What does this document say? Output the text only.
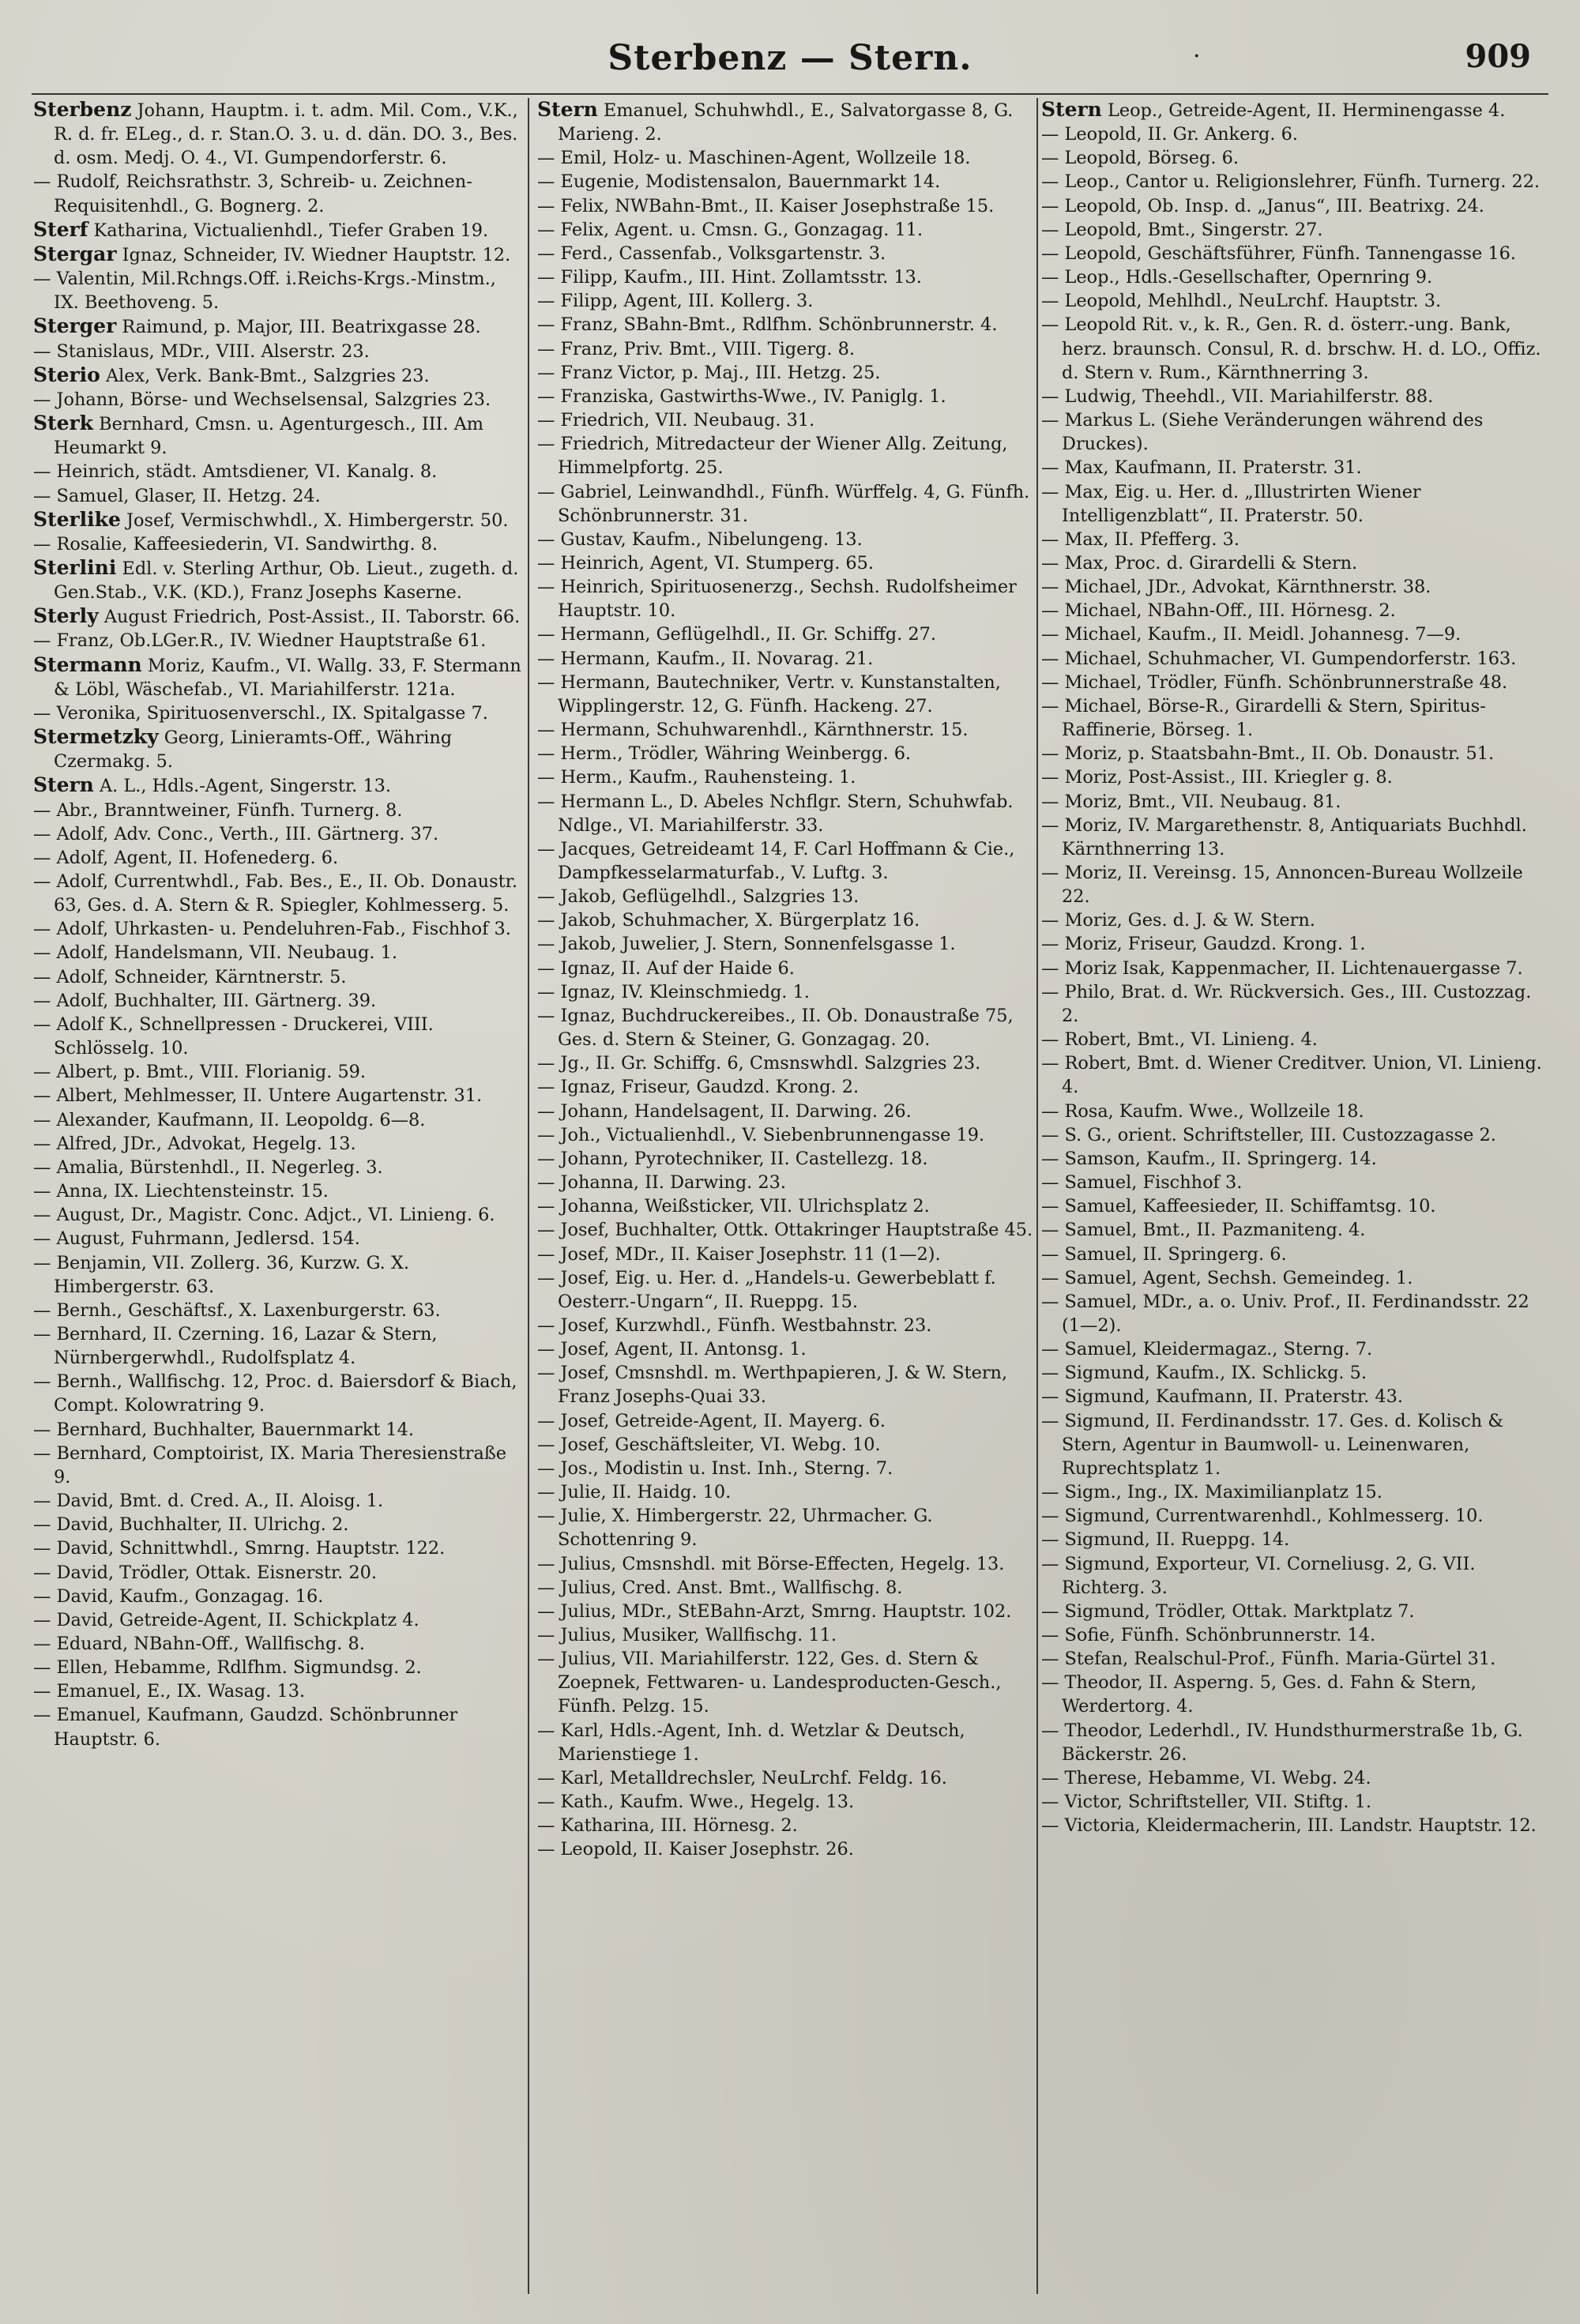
Sterbenz — Stern.	·	909

Sterbenz Johann, Hauptm. i. t. adm. Mil. Com., V.K., R. d. fr. ELeg., d. r. Stan.O. 3. u. d. dän. DO. 3., Bes. d. osm. Medj. O. 4., VI. Gumpendorferstr. 6.

— Rudolf, Reichsrathstr. 3, Schreib- u. Zeichnen-Requisitenhdl., G. Bognerg. 2.

Sterf Katharina, Victualienhdl., Tiefer Graben 19.

Stergar Ignaz, Schneider, IV. Wiedner Hauptstr. 12.

— Valentin, Mil.Rchngs.Off. i.Reichs-Krgs.-Minstm., IX. Beethoveng. 5.

Sterger Raimund, p. Major, III. Beatrixgasse 28.

— Stanislaus, MDr., VIII. Alserstr. 23.

Sterio Alex, Verk. Bank-Bmt., Salzgries 23.

— Johann, Börse- und Wechselsensal, Salzgries 23.

Sterk Bernhard, Cmsn. u. Agenturgesch., III. Am Heumarkt 9.

— Heinrich, städt. Amtsdiener, VI. Kanalg. 8.

— Samuel, Glaser, II. Hetzg. 24.

Sterlike Josef, Vermischwhdl., X. Himbergerstr. 50.

— Rosalie, Kaffeesiederin, VI. Sandwirthg. 8.

Sterlini Edl. v. Sterling Arthur, Ob. Lieut., zugeth. d. Gen.Stab., V.K. (KD.), Franz Josephs Kaserne.

Sterly August Friedrich, Post-Assist., II. Taborstr. 66.

— Franz, Ob.LGer.R., IV. Wiedner Hauptstraße 61.

Stermann Moriz, Kaufm., VI. Wallg. 33, F. Stermann & Löbl, Wäschefab., VI. Mariahilferstr. 121a.

— Veronika, Spirituosenverschl., IX. Spitalgasse 7.

Stermetzky Georg, Linieramts-Off., Währing Czermakg. 5.

Stern A. L., Hdls.-Agent, Singerstr. 13.

— Abr., Branntweiner, Fünfh. Turnerg. 8.

— Adolf, Adv. Conc., Verth., III. Gärtnerg. 37.

— Adolf, Agent, II. Hofenederg. 6.

— Adolf, Currentwhdl., Fab. Bes., E., II. Ob. Donaustr. 63, Ges. d. A. Stern & R. Spiegler, Kohlmesserg. 5.

— Adolf, Uhrkasten- u. Pendeluhren-Fab., Fischhof 3.

— Adolf, Handelsmann, VII. Neubaug. 1.

— Adolf, Schneider, Kärntnerstr. 5.

— Adolf, Buchhalter, III. Gärtnerg. 39.

— Adolf K., Schnellpressen - Druckerei, VIII. Schlösselg. 10.

— Albert, p. Bmt., VIII. Florianig. 59.

— Albert, Mehlmesser, II. Untere Augartenstr. 31.

— Alexander, Kaufmann, II. Leopoldg. 6—8.

— Alfred, JDr., Advokat, Hegelg. 13.

— Amalia, Bürstenhdl., II. Negerleg. 3.

— Anna, IX. Liechtensteinstr. 15.

— August, Dr., Magistr. Conc. Adjct., VI. Linieng. 6.

— August, Fuhrmann, Jedlersd. 154.

— Benjamin, VII. Zollerg. 36, Kurzw. G. X. Himbergerstr. 63.

— Bernh., Geschäftsf., X. Laxenburgerstr. 63.

— Bernhard, II. Czerning. 16, Lazar & Stern, Nürnbergerwhdl., Rudolfsplatz 4.

— Bernh., Wallfischg. 12, Proc. d. Baiersdorf & Biach, Compt. Kolowratring 9.

— Bernhard, Buchhalter, Bauernmarkt 14.

— Bernhard, Comptoirist, IX. Maria Theresienstraße 9.

— David, Bmt. d. Cred. A., II. Aloisg. 1.

— David, Buchhalter, II. Ulrichg. 2.

— David, Schnittwhdl., Smrng. Hauptstr. 122.

— David, Trödler, Ottak. Eisnerstr. 20.

— David, Kaufm., Gonzagag. 16.

— David, Getreide-Agent, II. Schickplatz 4.

— Eduard, NBahn-Off., Wallfischg. 8.

— Ellen, Hebamme, Rdlfhm. Sigmundsg. 2.

— Emanuel, E., IX. Wasag. 13.

— Emanuel, Kaufmann, Gaudzd. Schönbrunner Hauptstr. 6.

Stern Emanuel, Schuhwhdl., E., Salvatorgasse 8, G. Marieng. 2.

— Emil, Holz- u. Maschinen-Agent, Wollzeile 18.

— Eugenie, Modistensalon, Bauernmarkt 14.

— Felix, NWBahn-Bmt., II. Kaiser Josephstraße 15.

— Felix, Agent. u. Cmsn. G., Gonzagag. 11.

— Ferd., Cassenfab., Volksgartenstr. 3.

— Filipp, Kaufm., III. Hint. Zollamtsstr. 13.

— Filipp, Agent, III. Kollerg. 3.

— Franz, SBahn-Bmt., Rdlfhm. Schönbrunnerstr. 4.

— Franz, Priv. Bmt., VIII. Tigerg. 8.

— Franz Victor, p. Maj., III. Hetzg. 25.

— Franziska, Gastwirths-Wwe., IV. Paniglg. 1.

— Friedrich, VII. Neubaug. 31.

— Friedrich, Mitredacteur der Wiener Allg. Zeitung, Himmelpfortg. 25.

— Gabriel, Leinwandhdl., Fünfh. Würffelg. 4, G. Fünfh. Schönbrunnerstr. 31.

— Gustav, Kaufm., Nibelungeng. 13.

— Heinrich, Agent, VI. Stumperg. 65.

— Heinrich, Spirituosenerzg., Sechsh. Rudolfsheimer Hauptstr. 10.

— Hermann, Geflügelhdl., II. Gr. Schiffg. 27.

— Hermann, Kaufm., II. Novarag. 21.

— Hermann, Bautechniker, Vertr. v. Kunstanstalten, Wipplingerstr. 12, G. Fünfh. Hackeng. 27.

— Hermann, Schuhwarenhdl., Kärnthnerstr. 15.

— Herm., Trödler, Währing Weinbergg. 6.

— Herm., Kaufm., Rauhensteing. 1.

— Hermann L., D. Abeles Nchflgr. Stern, Schuhwfab. Ndlge., VI. Mariahilferstr. 33.

— Jacques, Getreideamt 14, F. Carl Hoffmann & Cie., Dampfkesselarmaturfab., V. Luftg. 3.

— Jakob, Geflügelhdl., Salzgries 13.

— Jakob, Schuhmacher, X. Bürgerplatz 16.

— Jakob, Juwelier, J. Stern, Sonnenfelsgasse 1.

— Ignaz, II. Auf der Haide 6.

— Ignaz, IV. Kleinschmiedg. 1.

— Ignaz, Buchdruckereibes., II. Ob. Donaustraße 75, Ges. d. Stern & Steiner, G. Gonzagag. 20.

— Jg., II. Gr. Schiffg. 6, Cmsnswhdl. Salzgries 23.

— Ignaz, Friseur, Gaudzd. Krong. 2.

— Johann, Handelsagent, II. Darwing. 26.

— Joh., Victualienhdl., V. Siebenbrunnengasse 19.

— Johann, Pyrotechniker, II. Castellezg. 18.

— Johanna, II. Darwing. 23.

— Johanna, Weißsticker, VII. Ulrichsplatz 2.

— Josef, Buchhalter, Ottk. Ottakringer Hauptstraße 45.

— Josef, MDr., II. Kaiser Josephstr. 11 (1—2).

— Josef, Eig. u. Her. d. „Handels-u. Gewerbeblatt f. Oesterr.-Ungarn“, II. Rueppg. 15.

— Josef, Kurzwhdl., Fünfh. Westbahnstr. 23.

— Josef, Agent, II. Antonsg. 1.

— Josef, Cmsnshdl. m. Werthpapieren, J. & W. Stern, Franz Josephs-Quai 33.

— Josef, Getreide-Agent, II. Mayerg. 6.

— Josef, Geschäftsleiter, VI. Webg. 10.

— Jos., Modistin u. Inst. Inh., Sterng. 7.

— Julie, II. Haidg. 10.

— Julie, X. Himbergerstr. 22, Uhrmacher. G. Schottenring 9.

— Julius, Cmsnshdl. mit Börse-Effecten, Hegelg. 13.

— Julius, Cred. Anst. Bmt., Wallfischg. 8.

— Julius, MDr., StEBahn-Arzt, Smrng. Hauptstr. 102.

— Julius, Musiker, Wallfischg. 11.

— Julius, VII. Mariahilferstr. 122, Ges. d. Stern & Zoepnek, Fettwaren- u. Landesproducten-Gesch., Fünfh. Pelzg. 15.

— Karl, Hdls.-Agent, Inh. d. Wetzlar & Deutsch, Marienstiege 1.

— Karl, Metalldrechsler, NeuLrchf. Feldg. 16.

— Kath., Kaufm. Wwe., Hegelg. 13.

— Katharina, III. Hörnesg. 2.

— Leopold, II. Kaiser Josephstr. 26.

Stern Leop., Getreide-Agent, II. Herminengasse 4.

— Leopold, II. Gr. Ankerg. 6.

— Leopold, Börseg. 6.

— Leop., Cantor u. Religionslehrer, Fünfh. Turnerg. 22.

— Leopold, Ob. Insp. d. „Janus“, III. Beatrixg. 24.

— Leopold, Bmt., Singerstr. 27.

— Leopold, Geschäftsführer, Fünfh. Tannengasse 16.

— Leop., Hdls.-Gesellschafter, Opernring 9.

— Leopold, Mehlhdl., NeuLrchf. Hauptstr. 3.

— Leopold Rit. v., k. R., Gen. R. d. österr.-ung. Bank, herz. braunsch. Consul, R. d. brschw. H. d. LO., Offiz. d. Stern v. Rum., Kärnthnerring 3.

— Ludwig, Theehdl., VII. Mariahilferstr. 88.

— Markus L. (Siehe Veränderungen während des Druckes).

— Max, Kaufmann, II. Praterstr. 31.

— Max, Eig. u. Her. d. „Illustrirten Wiener Intelligenzblatt“, II. Praterstr. 50.

— Max, II. Pfefferg. 3.

— Max, Proc. d. Girardelli & Stern.

— Michael, JDr., Advokat, Kärnthnerstr. 38.

— Michael, NBahn-Off., III. Hörnesg. 2.

— Michael, Kaufm., II. Meidl. Johannesg. 7—9.

— Michael, Schuhmacher, VI. Gumpendorferstr. 163.

— Michael, Trödler, Fünfh. Schönbrunnerstraße 48.

— Michael, Börse-R., Girardelli & Stern, Spiritus-Raffinerie, Börseg. 1.

— Moriz, p. Staatsbahn-Bmt., II. Ob. Donaustr. 51.

— Moriz, Post-Assist., III. Kriegler g. 8.

— Moriz, Bmt., VII. Neubaug. 81.

— Moriz, IV. Margarethenstr. 8, Antiquariats Buchhdl. Kärnthnerring 13.

— Moriz, II. Vereinsg. 15, Annoncen-Bureau Wollzeile 22.

— Moriz, Ges. d. J. & W. Stern.

— Moriz, Friseur, Gaudzd. Krong. 1.

— Moriz Isak, Kappenmacher, II. Lichtenauergasse 7.

— Philo, Brat. d. Wr. Rückversich. Ges., III. Custozzag. 2.

— Robert, Bmt., VI. Linieng. 4.

— Robert, Bmt. d. Wiener Creditver. Union, VI. Linieng. 4.

— Rosa, Kaufm. Wwe., Wollzeile 18.

— S. G., orient. Schriftsteller, III. Custozzagasse 2.

— Samson, Kaufm., II. Springerg. 14.

— Samuel, Fischhof 3.

— Samuel, Kaffeesieder, II. Schiffamtsg. 10.

— Samuel, Bmt., II. Pazmaniteng. 4.

— Samuel, II. Springerg. 6.

— Samuel, Agent, Sechsh. Gemeindeg. 1.

— Samuel, MDr., a. o. Univ. Prof., II. Ferdinandsstr. 22 (1—2).

— Samuel, Kleidermagaz., Sterng. 7.

— Sigmund, Kaufm., IX. Schlickg. 5.

— Sigmund, Kaufmann, II. Praterstr. 43.

— Sigmund, II. Ferdinandsstr. 17. Ges. d. Kolisch & Stern, Agentur in Baumwoll- u. Leinenwaren, Ruprechtsplatz 1.

— Sigm., Ing., IX. Maximilianplatz 15.

— Sigmund, Currentwarenhdl., Kohlmesserg. 10.

— Sigmund, II. Rueppg. 14.

— Sigmund, Exporteur, VI. Corneliusg. 2, G. VII. Richterg. 3.

— Sigmund, Trödler, Ottak. Marktplatz 7.

— Sofie, Fünfh. Schönbrunnerstr. 14.

— Stefan, Realschul-Prof., Fünfh. Maria-Gürtel 31.

— Theodor, II. Asperng. 5, Ges. d. Fahn & Stern, Werdertorg. 4.

— Theodor, Lederhdl., IV. Hundsthurmerstraße 1b, G. Bäckerstr. 26.

— Therese, Hebamme, VI. Webg. 24.

— Victor, Schriftsteller, VII. Stiftg. 1.

— Victoria, Kleidermacherin, III. Landstr. Hauptstr. 12.
